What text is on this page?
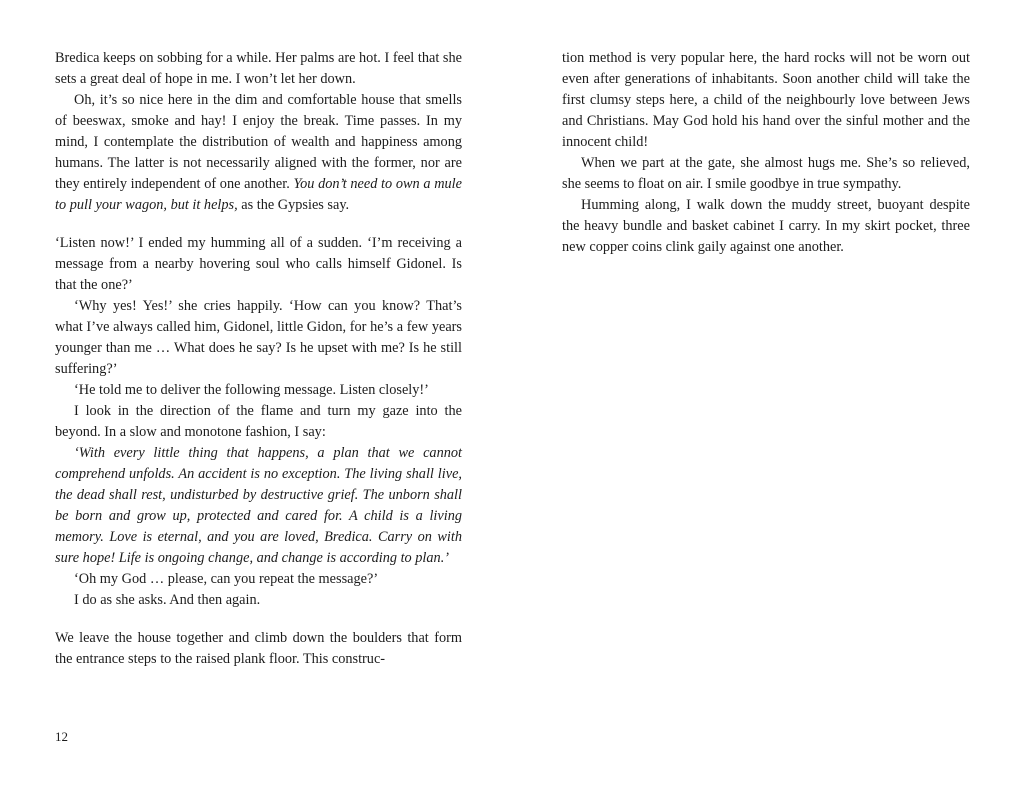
Bredica keeps on sobbing for a while. Her palms are hot. I feel that she sets a great deal of hope in me. I won’t let her down.

Oh, it’s so nice here in the dim and comfortable house that smells of beeswax, smoke and hay! I enjoy the break. Time passes. In my mind, I contemplate the distribution of wealth and happiness among humans. The latter is not necessarily aligned with the former, nor are they entirely independent of one another. You don’t need to own a mule to pull your wagon, but it helps, as the Gypsies say.

‘Listen now!’ I ended my humming all of a sudden. ‘I’m receiving a message from a nearby hovering soul who calls himself Gidonel. Is that the one?’

‘Why yes! Yes!’ she cries happily. ‘How can you know? That’s what I’ve always called him, Gidonel, little Gidon, for he’s a few years younger than me … What does he say? Is he upset with me? Is he still suffering?’

‘He told me to deliver the following message. Listen closely!’

I look in the direction of the flame and turn my gaze into the beyond. In a slow and monotone fashion, I say:

‘With every little thing that happens, a plan that we cannot comprehend unfolds. An accident is no exception. The living shall live, the dead shall rest, undisturbed by destructive grief. The unborn shall be born and grow up, protected and cared for. A child is a living memory. Love is eternal, and you are loved, Bredica. Carry on with sure hope! Life is ongoing change, and change is according to plan.’

‘Oh my God … please, can you repeat the message?’

I do as she asks. And then again.

We leave the house together and climb down the boulders that form the entrance steps to the raised plank floor. This construc-

tion method is very popular here, the hard rocks will not be worn out even after generations of inhabitants. Soon another child will take the first clumsy steps here, a child of the neighbourly love between Jews and Christians. May God hold his hand over the sinful mother and the innocent child!

When we part at the gate, she almost hugs me. She’s so relieved, she seems to float on air. I smile goodbye in true sympathy.

Humming along, I walk down the muddy street, buoyant despite the heavy bundle and basket cabinet I carry. In my skirt pocket, three new copper coins clink gaily against one another.

12
